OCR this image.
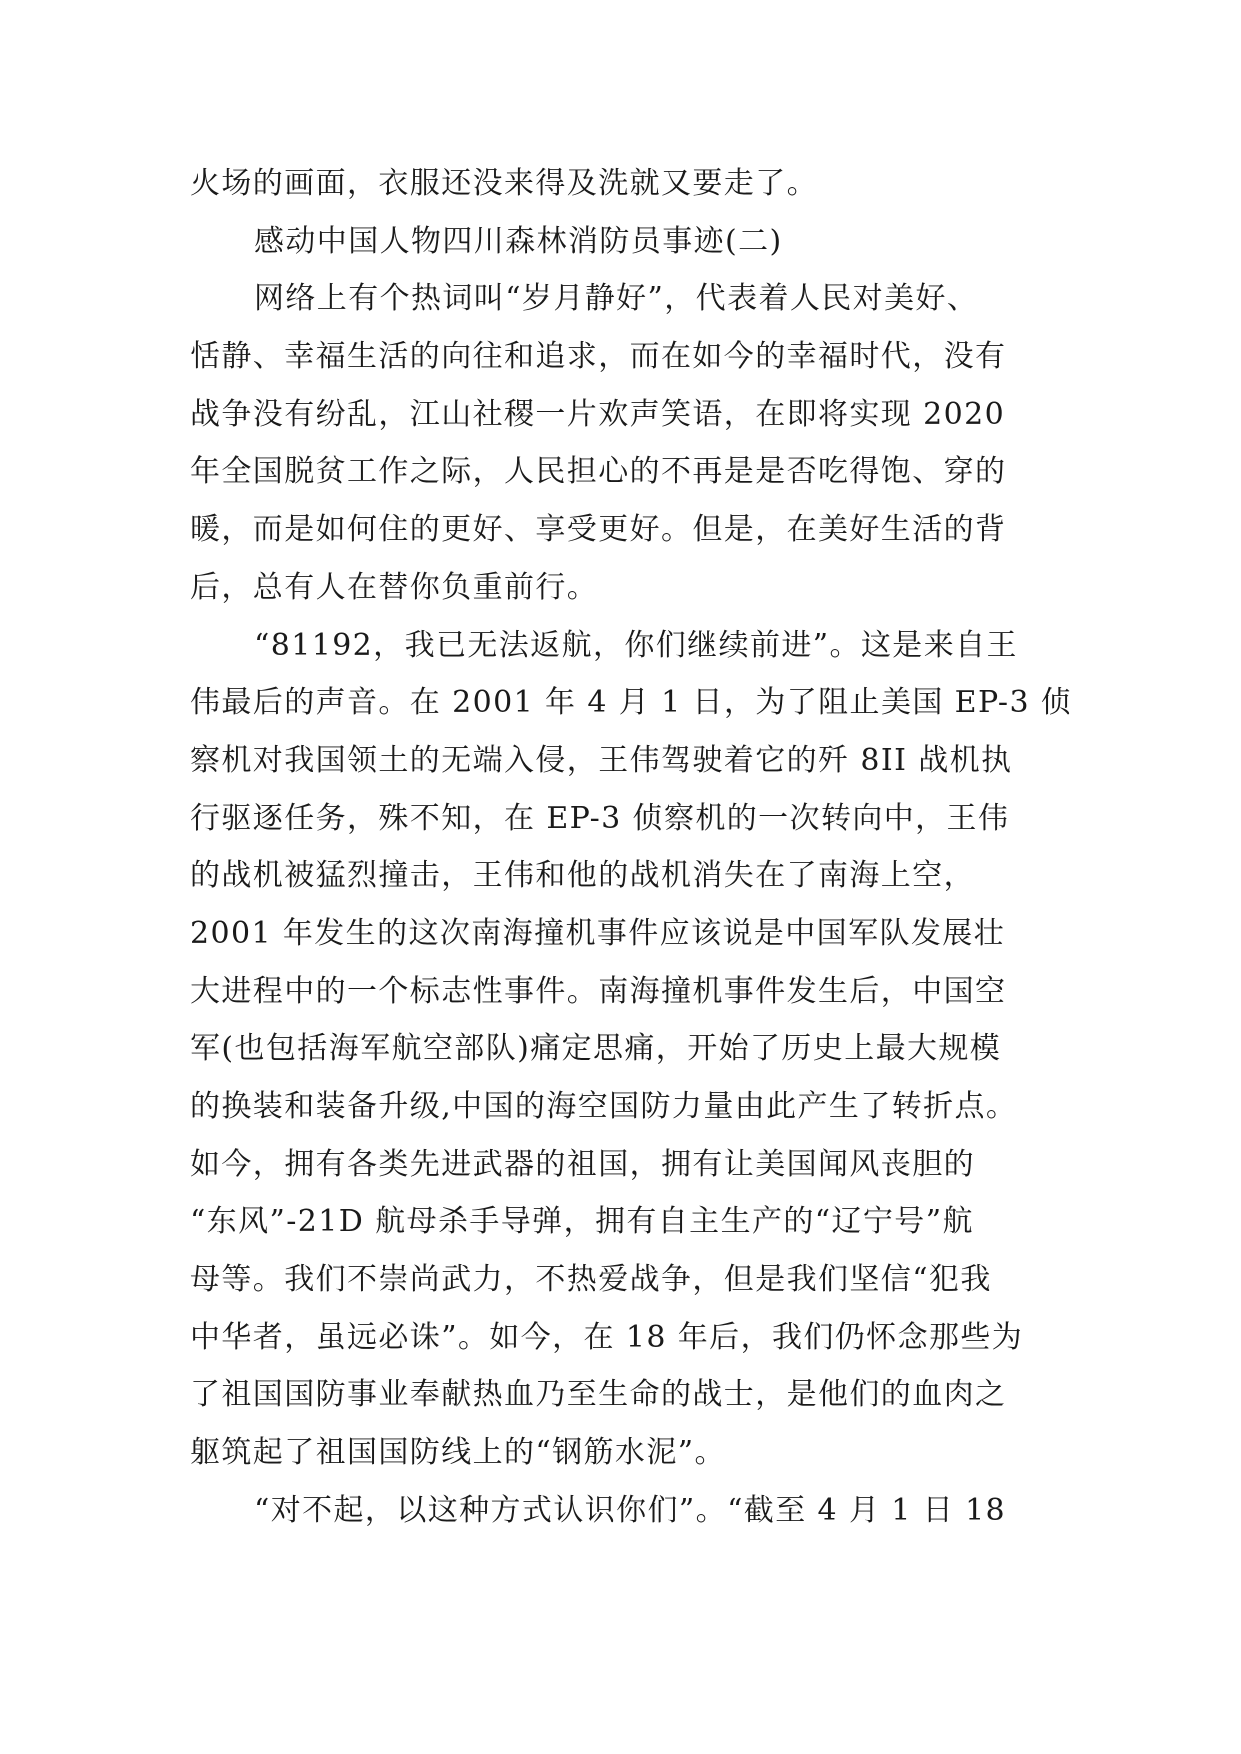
火场的画面，衣服还没来得及洗就又要走了。
感动中国人物四川森林消防员事迹(二)
网络上有个热词叫“岁月静好”，代表着人民对美好、
恬静、幸福生活的向往和追求，而在如今的幸福时代，没有
战争没有纷乱，江山社稷一片欢声笑语，在即将实现 2020
年全国脱贫工作之际，人民担心的不再是是否吃得饱、穿的
暖，而是如何住的更好、享受更好。但是，在美好生活的背
后，总有人在替你负重前行。
“81192，我已无法返航，你们继续前进”。这是来自王
伟最后的声音。在 2001 年 4 月 1 日，为了阻止美国 EP-3 侦
察机对我国领土的无端入侵，王伟驾驶着它的歼 8II 战机执
行驱逐任务，殊不知，在 EP-3 侦察机的一次转向中，王伟
的战机被猛烈撞击，王伟和他的战机消失在了南海上空，
2001 年发生的这次南海撞机事件应该说是中国军队发展壮
大进程中的一个标志性事件。南海撞机事件发生后，中国空
军(也包括海军航空部队)痛定思痛，开始了历史上最大规模
的换装和装备升级,中国的海空国防力量由此产生了转折点。
如今，拥有各类先进武器的祖国，拥有让美国闻风丧胆的
“东风”-21D 航母杀手导弹，拥有自主生产的“辽宁号”航
母等。我们不崇尚武力，不热爱战争，但是我们坚信“犯我
中华者，虽远必诛”。如今，在 18 年后，我们仍怀念那些为
了祖国国防事业奉献热血乃至生命的战士，是他们的血肉之
躯筑起了祖国国防线上的“钢筋水泥”。
“对不起，以这种方式认识你们”。“截至 4 月 1 日 18
